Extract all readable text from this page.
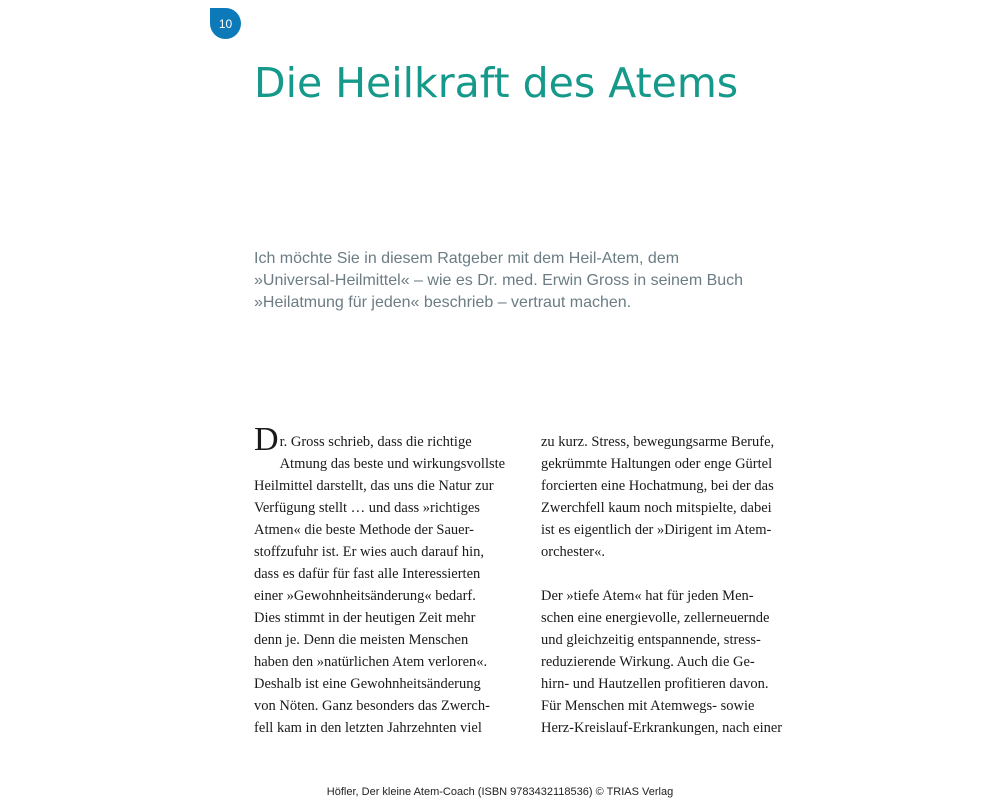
10
Die Heilkraft des Atems

Ich möchte Sie in diesem Ratgeber mit dem Heil-Atem, dem
»Universal-Heilmittel« – wie es Dr. med. Erwin Gross in seinem Buch
»Heilatmung für jeden« beschrieb – vertraut machen.

Dr. Gross schrieb, dass die richtige
Atmung das beste und wirkungsvollste
Heilmittel darstellt, das uns die Natur zur
Verfügung stellt … und dass »richtiges
Atmen« die beste Methode der Sauer-
stoffzufuhr ist. Er wies auch darauf hin,
dass es dafür für fast alle Interessierten
einer »Gewohnheitsänderung« bedarf.
Dies stimmt in der heutigen Zeit mehr
denn je. Denn die meisten Menschen
haben den »natürlichen Atem verloren«.
Deshalb ist eine Gewohnheitsänderung
von Nöten. Ganz besonders das Zwerch-
fell kam in den letzten Jahrzehnten viel
zu kurz. Stress, bewegungsarme Berufe,
gekrümmte Haltungen oder enge Gürtel
forcierten eine Hochatmung, bei der das
Zwerchfell kaum noch mitspielte, dabei
ist es eigentlich der »Dirigent im Atem-
orchester«.
Der »tiefe Atem« hat für jeden Men-
schen eine energievolle, zellerneuernde
und gleichzeitig entspannende, stress-
reduzierende Wirkung. Auch die Ge-
hirn- und Hautzellen profitieren davon.
Für Menschen mit Atemwegs- sowie
Herz-Kreislauf-Erkrankungen, nach einer
Höfler, Der kleine Atem-Coach (ISBN 9783432118536) © TRIAS Verlag
